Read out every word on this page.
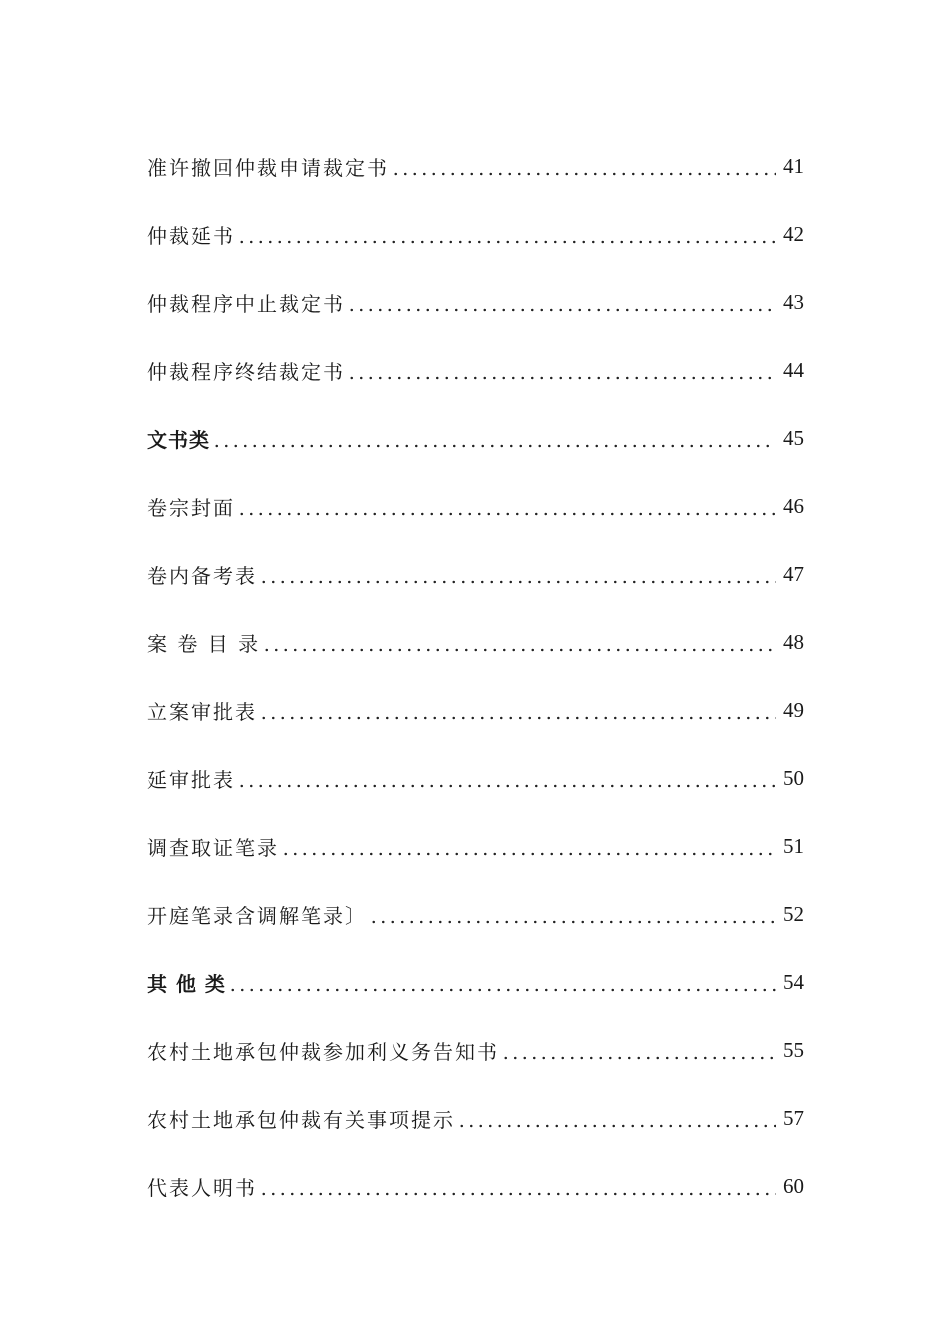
准许撤回仲裁申请裁定书	41
仲裁延书	42
仲裁程序中止裁定书	43
仲裁程序终结裁定书	44
文书类	45
卷宗封面	46
卷内备考表	47
案 卷 目 录	48
立案审批表	49
延审批表	50
调查取证笔录	51
开庭笔录含调解笔录〕	52
其 他 类	54
农村土地承包仲裁参加利义务告知书	55
农村土地承包仲裁有关事项提示	57
代表人明书	60
